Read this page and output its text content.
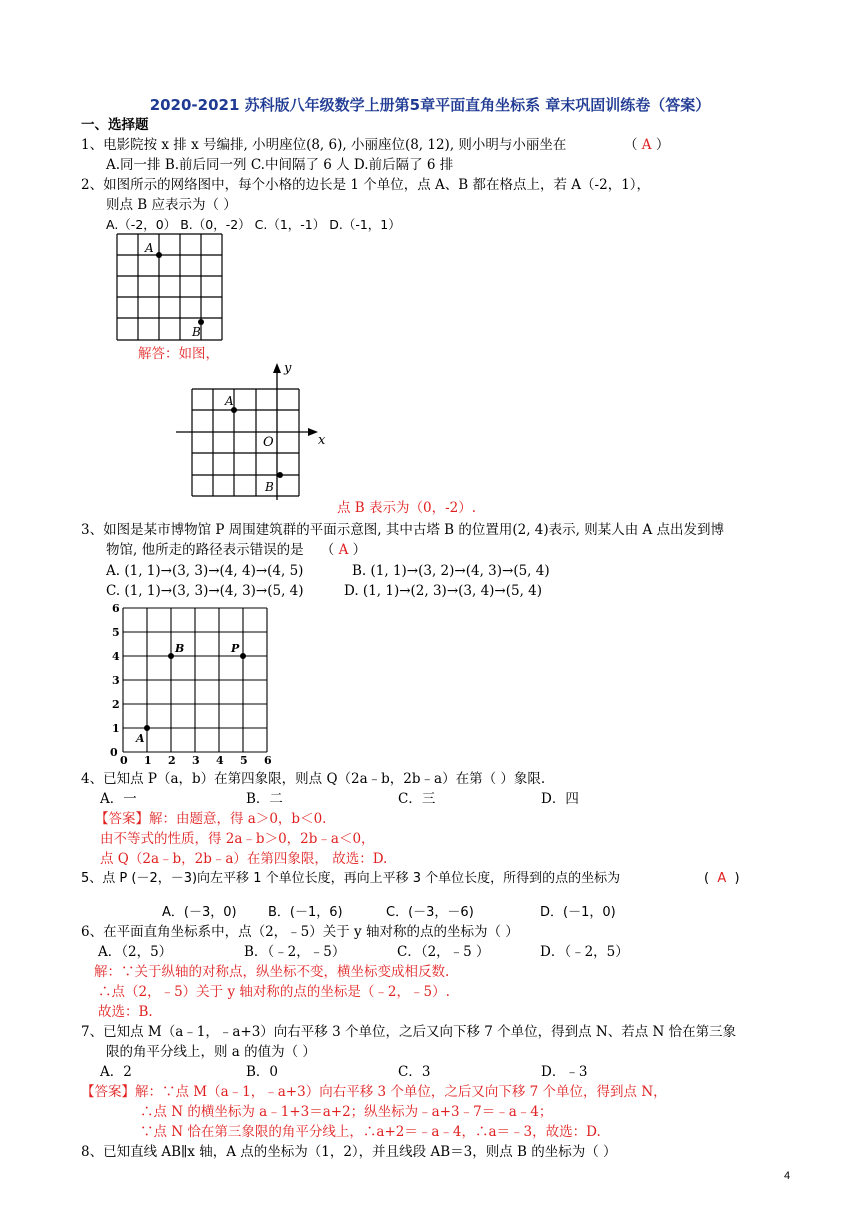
2020-2021 苏科版八年级数学上册第5章平面直角坐标系 章末巩固训练卷（答案）
一、选择题
1、电影院按 x 排 x 号编排, 小明座位(8, 6), 小丽座位(8, 12), 则小明与小丽坐在	（ A ）
A.同一排 B.前后同一列 C.中间隔了 6 人 D.前后隔了 6 排
2、如图所示的网络图中，每个小格的边长是 1 个单位，点 A、B 都在格点上，若 A（-2，1），
则点 B 应表示为（ ）
A.（-2，0） B.（0，-2） C.（1，-1） D.（-1，1）
A
B
解答：如图，
x
y
O
A
B
点 B 表示为（0，-2）.
3、如图是某市博物馆 P 周围建筑群的平面示意图, 其中古塔 B 的位置用(2, 4)表示, 则某人由 A 点出发到博
物馆, 他所走的路径表示错误的是    （ A ）
A. (1, 1)→(3, 3)→(4, 4)→(4, 5)	B. (1, 1)→(3, 2)→(4, 3)→(5, 4)
C. (1, 1)→(3, 3)→(4, 3)→(5, 4)	D. (1, 1)→(2, 3)→(3, 4)→(5, 4)
0
1
2
3
4
5
6
0 1 2 3 4 5 6
A
B	P
4、已知点 P（a，b）在第四象限，则点 Q（2a﹣b，2b﹣a）在第（ ）象限.
A．一	B．二	C．三	D．四
【答案】解：由题意，得 a＞0，b＜0.
由不等式的性质，得 2a﹣b＞0，2b﹣a＜0，
点 Q（2a﹣b，2b﹣a）在第四象限， 故选：D.
5、点 P (－2，－3)向左平移 1 个单位长度，再向上平移 3 个单位长度，所得到的点的坐标为	(  A  )
A．(－3，0) B．(－1，6)	C．(－3，－6)	D．(－1，0)
6、在平面直角坐标系中，点（2，﹣5）关于 y 轴对称的点的坐标为（ ）
A．（2，5）	B．（﹣2，﹣5）	C．（2，﹣5 ）	D．（﹣2，5）
解：∵关于纵轴的对称点，纵坐标不变，横坐标变成相反数.
∴点（2，﹣5）关于 y 轴对称的点的坐标是（﹣2，﹣5）.
故选：B.
7、已知点 M（a﹣1，﹣a+3）向右平移 3 个单位，之后又向下移 7 个单位，得到点 N、若点 N 恰在第三象
限的角平分线上，则 a 的值为（ ）
A．2	B．0	C．3	D．﹣3
【答案】解：∵点 M（a﹣1，﹣a+3）向右平移 3 个单位，之后又向下移 7 个单位，得到点 N，
∴点 N 的横坐标为 a﹣1+3＝a+2；纵坐标为﹣a+3﹣7＝﹣a﹣4；
∵点 N 恰在第三象限的角平分线上，∴a+2＝﹣a﹣4，∴a＝﹣3，故选：D.
8、已知直线 AB∥x 轴，A 点的坐标为（1，2），并且线段 AB＝3，则点 B 的坐标为（ ）
4
